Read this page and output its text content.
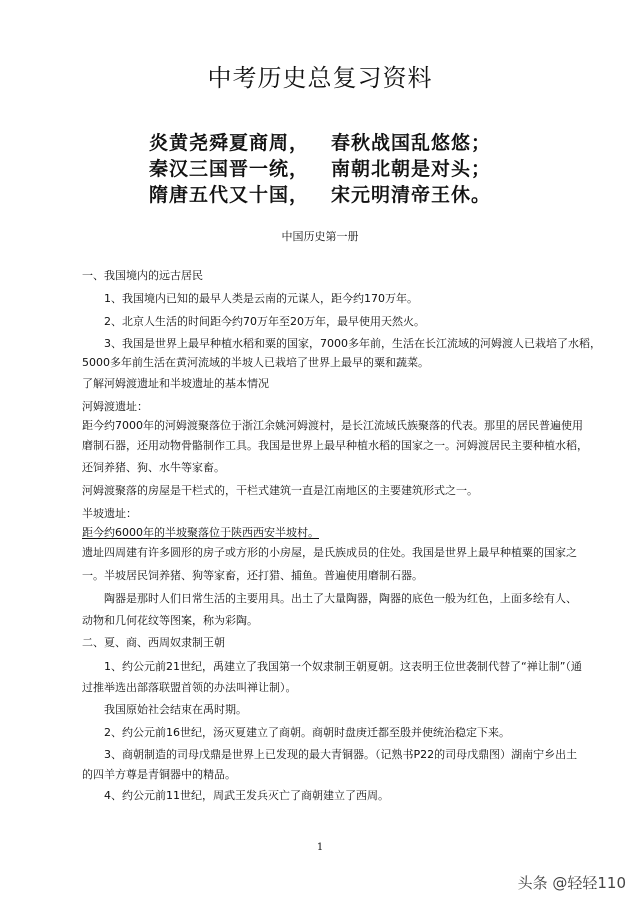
中考历史总复习资料
炎黄尧舜夏商周， 春秋战国乱悠悠；
秦汉三国晋一统， 南朝北朝是对头；
隋唐五代又十国， 宋元明清帝王休。
中国历史第一册
一、我国境内的远古居民
1、我国境内已知的最早人类是云南的元谋人，距今约170万年。
2、北京人生活的时间距今约70万年至20万年，最早使用天然火。
3、我国是世界上最早种植水稻和粟的国家，7000多年前，生活在长江流域的河姆渡人已栽培了水稻，
5000多年前生活在黄河流域的半坡人已栽培了世界上最早的粟和蔬菜。
了解河姆渡遗址和半坡遗址的基本情况
河姆渡遗址：
距今约7000年的河姆渡聚落位于浙江余姚河姆渡村，是长江流域氏族聚落的代表。那里的居民普遍使用
磨制石器，还用动物骨骼制作工具。我国是世界上最早种植水稻的国家之一。河姆渡居民主要种植水稻，
还饲养猪、狗、水牛等家畜。
河姆渡聚落的房屋是干栏式的，干栏式建筑一直是江南地区的主要建筑形式之一。
半坡遗址：
距今约6000年的半坡聚落位于陕西西安半坡村。
遗址四周建有许多圆形的房子或方形的小房屋，是氏族成员的住处。我国是世界上最早种植粟的国家之
一。半坡居民饲养猪、狗等家畜，还打猎、捕鱼。普遍使用磨制石器。
陶器是那时人们日常生活的主要用具。出土了大量陶器，陶器的底色一般为红色，上面多绘有人、
动物和几何花纹等图案，称为彩陶。
二、夏、商、西周奴隶制王朝
1、约公元前21世纪，禹建立了我国第一个奴隶制王朝夏朝。这表明王位世袭制代替了“禅让制”（通
过推举选出部落联盟首领的办法叫禅让制）。
我国原始社会结束在禹时期。
2、约公元前16世纪，汤灭夏建立了商朝。商朝时盘庚迁都至殷并使统治稳定下来。
3、商朝制造的司母戊鼎是世界上已发现的最大青铜器。（记熟书P22的司母戊鼎图）湖南宁乡出土
的四羊方尊是青铜器中的精品。
4、约公元前11世纪，周武王发兵灭亡了商朝建立了西周。
1
头条 @轻轻110
